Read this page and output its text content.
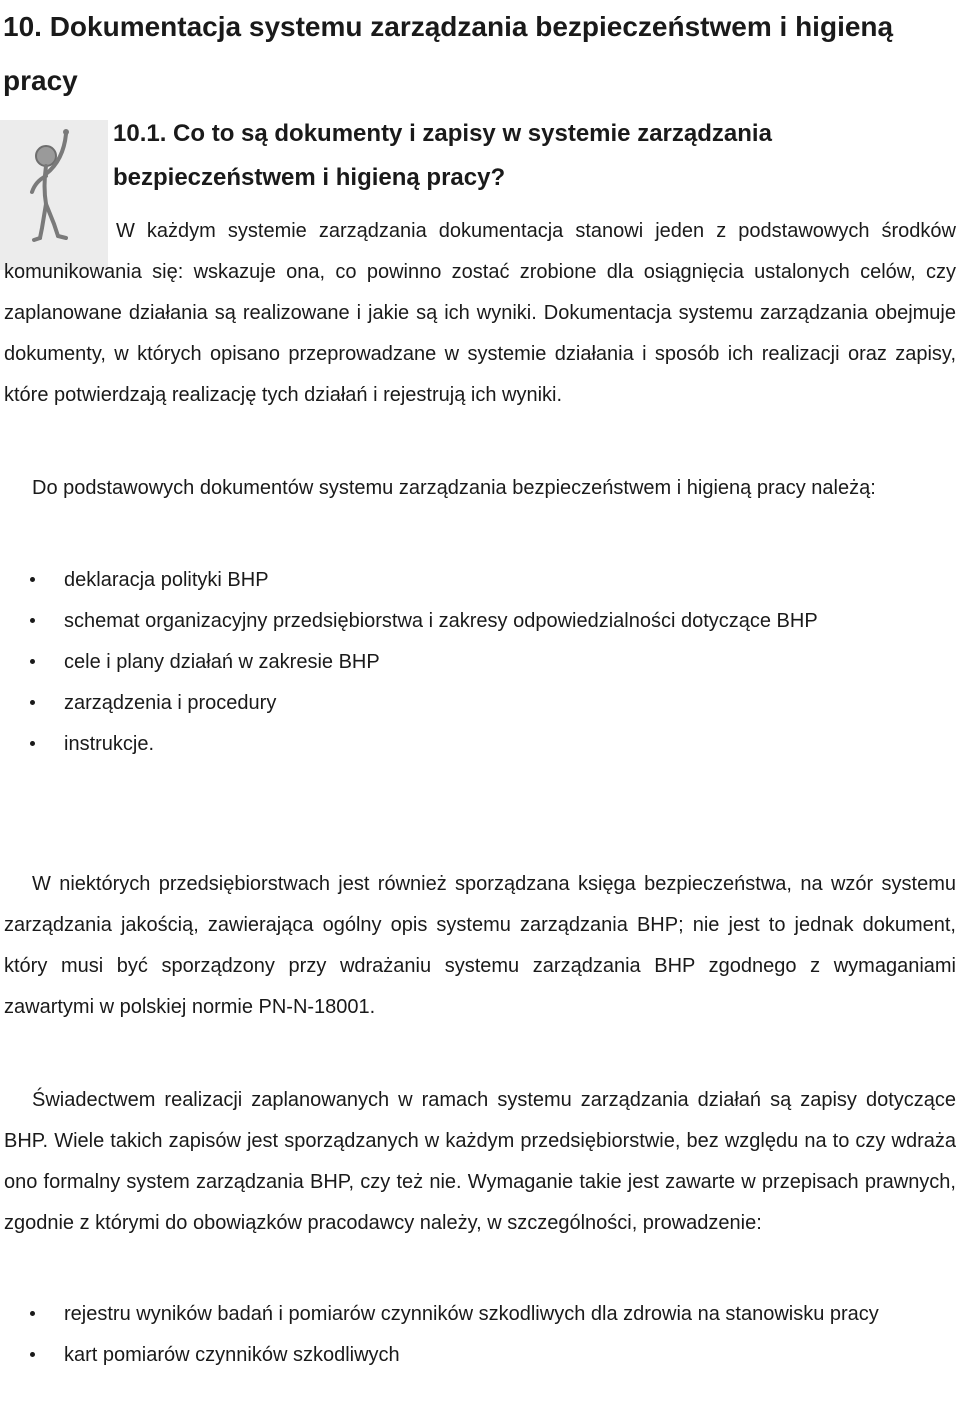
10. Dokumentacja systemu zarządzania bezpieczeństwem i higieną pracy
10.1. Co to są dokumenty i zapisy w systemie zarządzania bezpieczeństwem i higieną pracy?

W każdym systemie zarządzania dokumentacja stanowi jeden z podstawowych środków komunikowania się: wskazuje ona, co powinno zostać zrobione dla osiągnięcia ustalonych celów, czy zaplanowane działania są realizowane i jakie są ich wyniki. Dokumentacja systemu zarządzania obejmuje dokumenty, w których opisano przeprowadzane w systemie działania i sposób ich realizacji oraz zapisy, które potwierdzają realizację tych działań i rejestrują ich wyniki.

Do podstawowych dokumentów systemu zarządzania bezpieczeństwem i higieną pracy należą:

deklaracja polityki BHP
schemat organizacyjny przedsiębiorstwa i zakresy odpowiedzialności dotyczące BHP
cele i plany działań w zakresie BHP
zarządzenia i procedury
instrukcje.

W niektórych przedsiębiorstwach jest również sporządzana księga bezpieczeństwa, na wzór systemu zarządzania jakością, zawierająca ogólny opis systemu zarządzania BHP; nie jest to jednak dokument, który musi być sporządzony przy wdrażaniu systemu zarządzania BHP zgodnego z wymaganiami zawartymi w polskiej normie PN-N-18001.

Świadectwem realizacji zaplanowanych w ramach systemu zarządzania działań są zapisy dotyczące BHP. Wiele takich zapisów jest sporządzanych w każdym przedsiębiorstwie, bez względu na to czy wdraża ono formalny system zarządzania BHP, czy też nie. Wymaganie takie jest zawarte w przepisach prawnych, zgodnie z którymi do obowiązków pracodawcy należy, w szczególności, prowadzenie:

rejestru wyników badań i pomiarów czynników szkodliwych dla zdrowia na stanowisku pracy
kart pomiarów czynników szkodliwych
